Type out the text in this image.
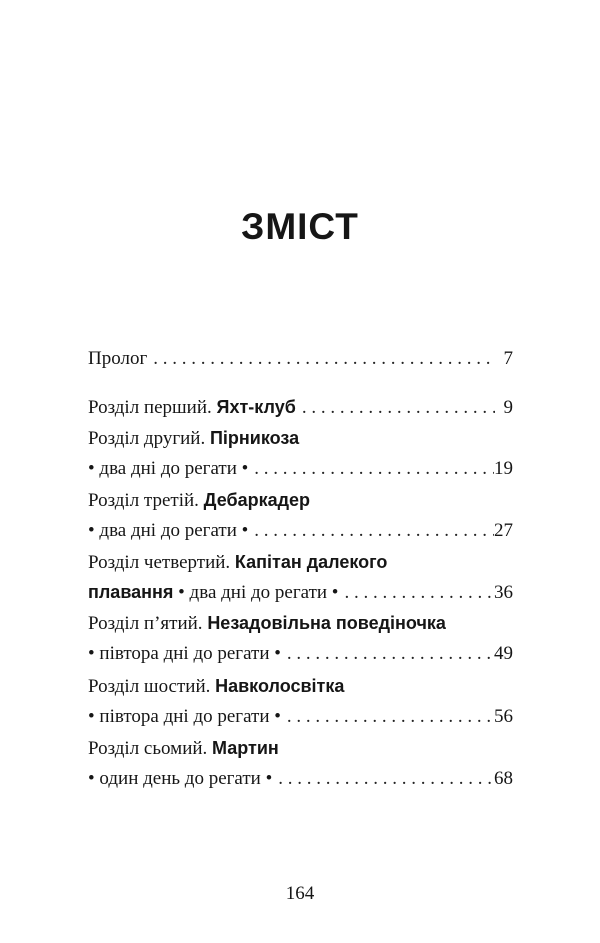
ЗМІСТ
Пролог . . .	7
Розділ перший. Яхт-клуб . . .	9
Розділ другий. Пірникоза
• два дні до регати • . . .	19
Розділ третій. Дебаркадер
• два дні до регати • . . .	27
Розділ четвертий. Капітан далекого
плавання • два дні до регати • . . .	36
Розділ п’ятий. Незадовільна поведіночка
• півтора дні до регати • . . .	49
Розділ шостий. Навколосвітка
• півтора дні до регати • . . .	56
Розділ сьомий. Мартин
• один день до регати • . . .	68
164
